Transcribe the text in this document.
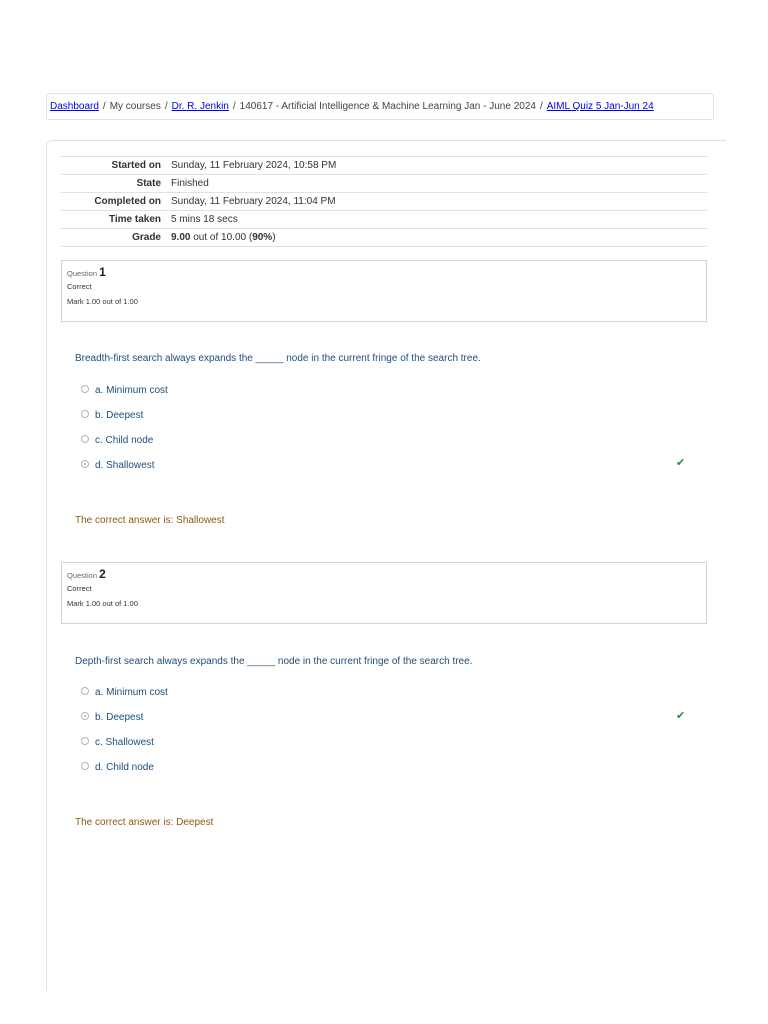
Dashboard / My courses / Dr. R. Jenkin / 140617 - Artificial Intelligence & Machine Learning Jan - June 2024 / AIML Quiz 5 Jan-Jun 24
Started on	Sunday, 11 February 2024, 10:58 PM
State	Finished
Completed on	Sunday, 11 February 2024, 11:04 PM
Time taken	5 mins 18 secs
Grade	9.00 out of 10.00 (90%)
Question 1
Correct
Mark 1.00 out of 1.00
Breadth-first search always expands the _____ node in the current fringe of the search tree.
a. Minimum cost
b. Deepest
c. Child node
d. Shallowest	✔
The correct answer is: Shallowest
Question 2
Correct
Mark 1.00 out of 1.00
Depth-first search always expands the _____ node in the current fringe of the search tree.
a. Minimum cost
b. Deepest
c. Shallowest
d. Child node
✔
The correct answer is: Deepest
